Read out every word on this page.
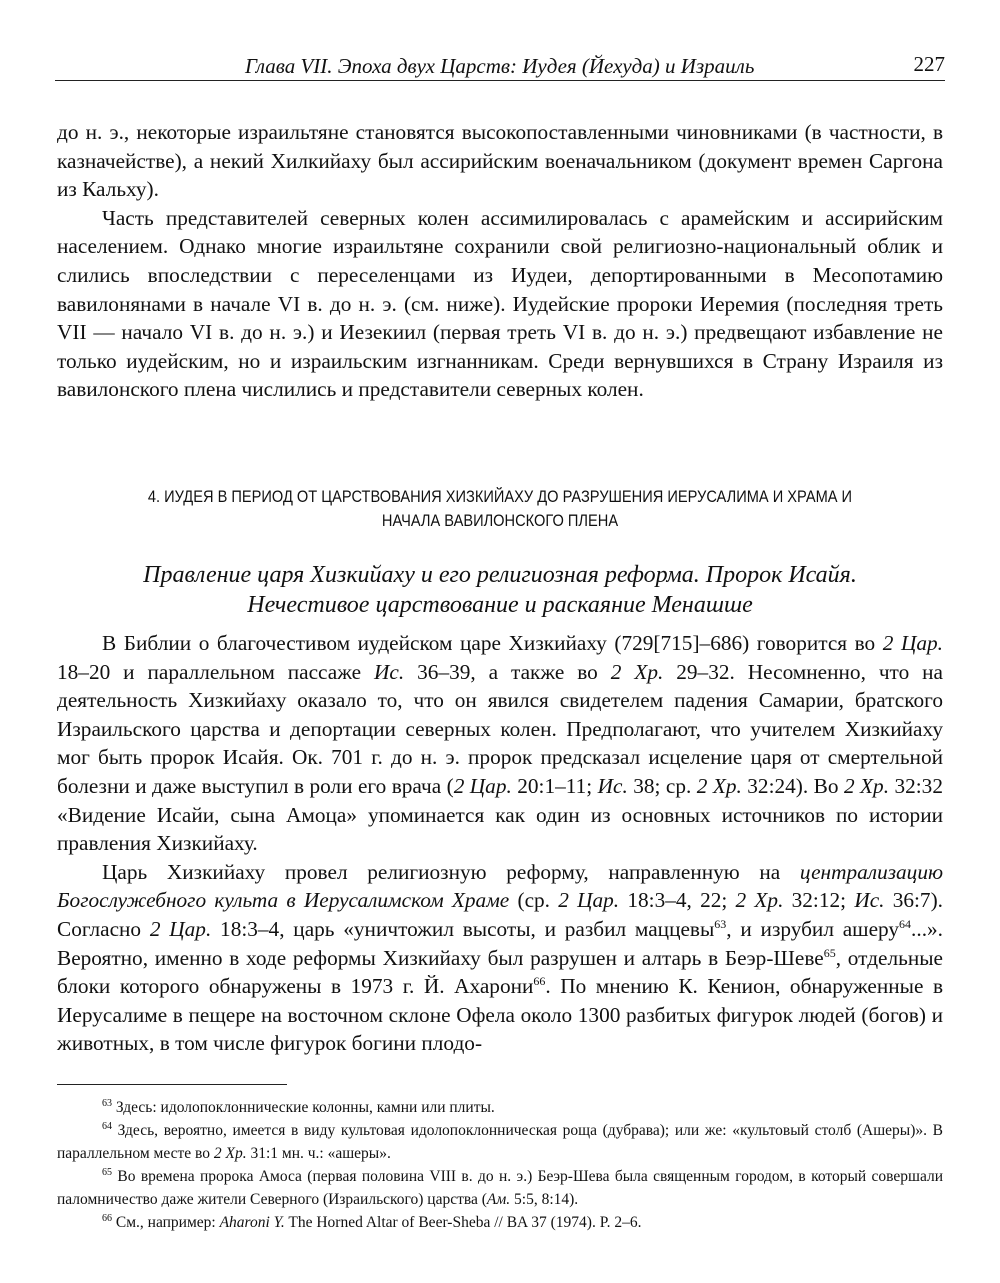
Глава VII. Эпоха двух Царств: Иудея (Йехуда) и Израиль	227

до н. э., некоторые израильтяне становятся высокопоставленными чиновниками (в частности, в казначействе), а некий Хилкийаху был ассирийским военачальником (документ времен Саргона из Кальху).

Часть представителей северных колен ассимилировалась с арамейским и ассирийским населением. Однако многие израильтяне сохранили свой религиозно-национальный облик и слились впоследствии с переселенцами из Иудеи, депортированными в Месопотамию вавилонянами в начале VI в. до н. э. (см. ниже). Иудейские пророки Иеремия (последняя треть VII — начало VI в. до н. э.) и Иезекиил (первая треть VI в. до н. э.) предвещают избавление не только иудейским, но и израильским изгнанникам. Среди вернувшихся в Страну Израиля из вавилонского плена числились и представители северных колен.

4. ИУДЕЯ В ПЕРИОД ОТ ЦАРСТВОВАНИЯ ХИЗКИЙАХУ ДО РАЗРУШЕНИЯ ИЕРУСАЛИМА И ХРАМА И
НАЧАЛА ВАВИЛОНСКОГО ПЛЕНА
Правление царя Хизкийаху и его религиозная реформа. Пророк Исайя.
Нечестивое царствование и раскаяние Менашше

В Библии о благочестивом иудейском царе Хизкийаху (729[715]–686) говорится во 2 Цар. 18–20 и параллельном пассаже Ис. 36–39, а также во 2 Хр. 29–32. Несомненно, что на деятельность Хизкийаху оказало то, что он явился свидетелем падения Самарии, братского Израильского царства и депортации северных колен. Предполагают, что учителем Хизкийаху мог быть пророк Исайя. Ок. 701 г. до н. э. пророк предсказал исцеление царя от смертельной болезни и даже выступил в роли его врача (2 Цар. 20:1–11; Ис. 38; ср. 2 Хр. 32:24). Во 2 Хр. 32:32 «Видение Исайи, сына Амоца» упоминается как один из основных источников по истории правления Хизкийаху.

Царь Хизкийаху провел религиозную реформу, направленную на централизацию Богослужебного культа в Иерусалимском Храме (ср. 2 Цар. 18:3–4, 22; 2 Хр. 32:12; Ис. 36:7). Согласно 2 Цар. 18:3–4, царь «уничтожил высоты, и разбил маццевы$^{63}$, и изрубил ашеру$^{64}$...». Вероятно, именно в ходе реформы Хизкийаху был разрушен и алтарь в Беэр-Шеве$^{65}$, отдельные блоки которого обнаружены в 1973 г. Й. Ахарони$^{66}$. По мнению К. Кенион, обнаруженные в Иерусалиме в пещере на восточном склоне Офела около 1300 разбитых фигурок людей (богов) и животных, в том числе фигурок богини плодо-

$^{63}$ Здесь: идолопоклоннические колонны, камни или плиты.

$^{64}$ Здесь, вероятно, имеется в виду культовая идолопоклонническая роща (дубрава); или же: «культовый столб (Ашеры)». В параллельном месте во 2 Хр. 31:1 мн. ч.: «ашеры».

$^{65}$ Во времена пророка Амоса (первая половина VIII в. до н. э.) Беэр-Шева была священным городом, в который совершали паломничество даже жители Северного (Израильского) царства (Ам. 5:5, 8:14).

$^{66}$ См., например: Aharoni Y. The Horned Altar of Beer-Sheba // BA 37 (1974). P. 2–6.
